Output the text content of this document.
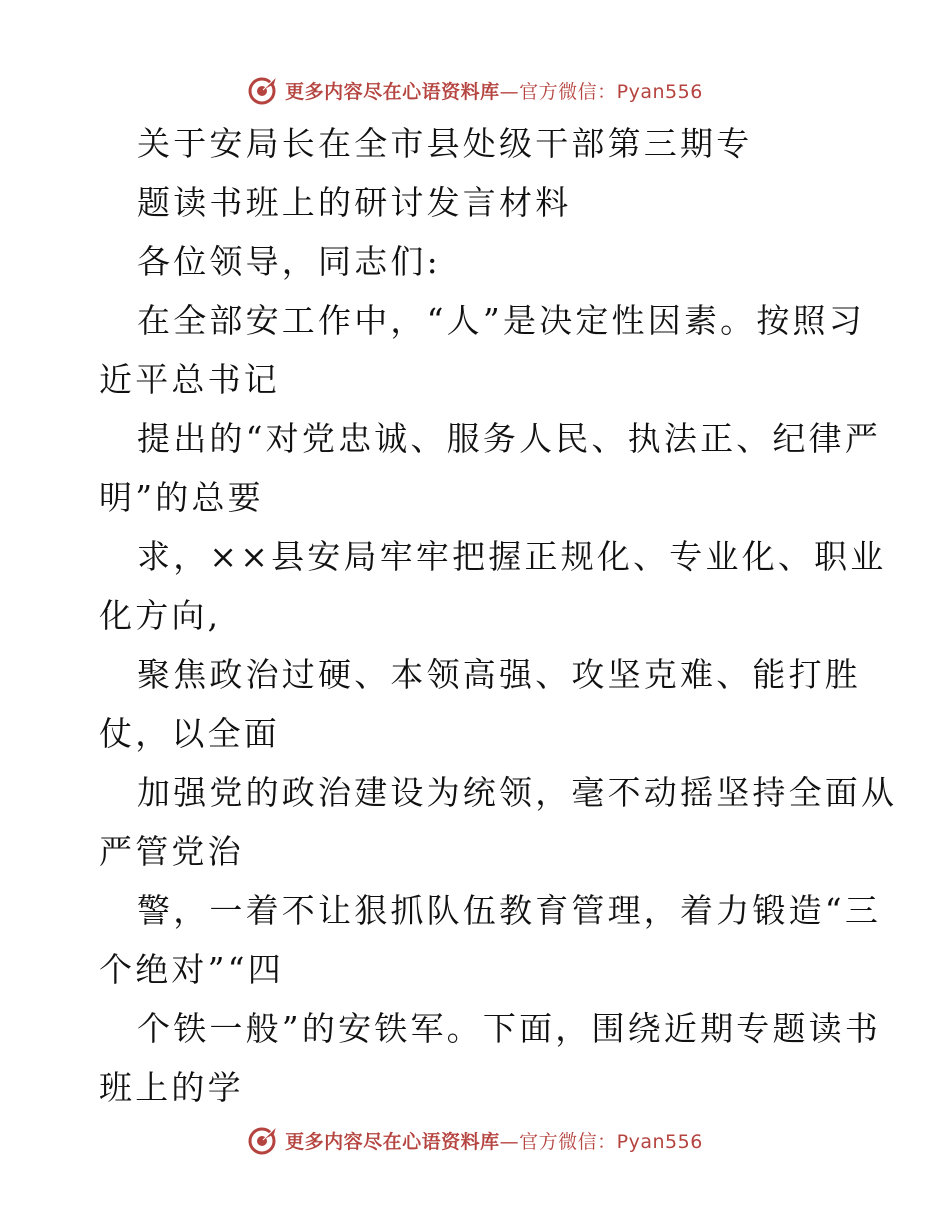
更多内容尽在心语资料库—官方微信：Pyan556
关于安局长在全市县处级干部第三期专
题读书班上的研讨发言材料
各位领导，同志们:
在全部安工作中，“人”是决定性因素。按照习
近平总书记
提出的“对党忠诚、服务人民、执法正、纪律严
明”的总要
求，××县安局牢牢把握正规化、专业化、职业
化方向,
聚焦政治过硬、本领高强、攻坚克难、能打胜
仗，以全面
加强党的政治建设为统领，毫不动摇坚持全面从
严管党治
警，一着不让狠抓队伍教育管理，着力锻造“三
个绝对”“四
个铁一般”的安铁军。下面，围绕近期专题读书
班上的学
更多内容尽在心语资料库—官方微信：Pyan556
